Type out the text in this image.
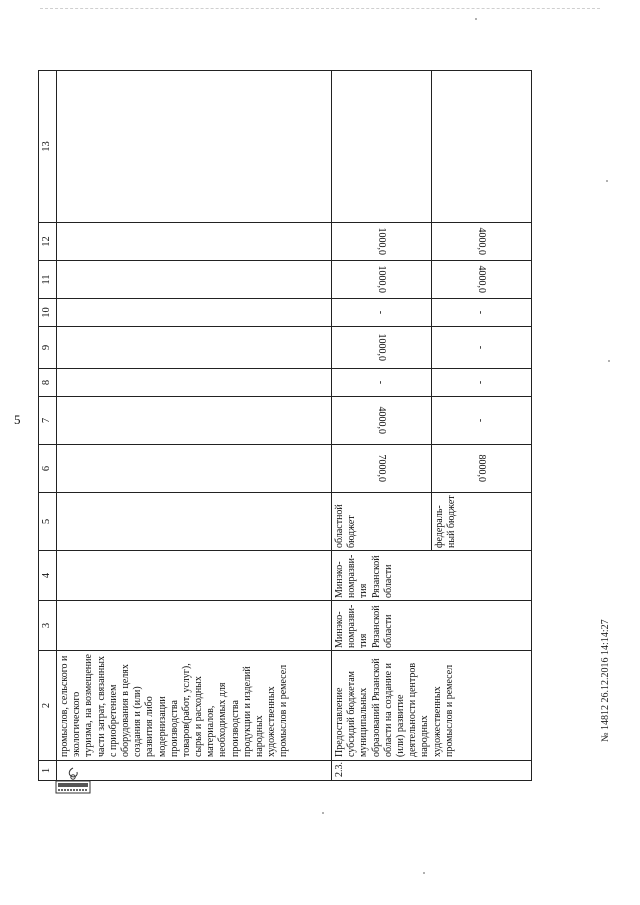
5
1	2	3	4	5	6	7	8	9	10	11	12	13
	промыслов, сельского и экологического туризма, на возмещение части затрат, связанных с приобретением оборудования в целях создания и (или) развития либо модернизации производства товаров(работ, услуг), сырья и расходных материалов, необходимых для производства продукции и изделий народных художественных промыслов и ремесел											
2.3.	Предоставление субсидий бюджетам муниципальных образований Рязанской области на создание и (или) развитие деятельности центров народных художественных промыслов и ремесел	Минэко-номразви-тия Рязанской области	Минэко-номразви-тия Рязанской области	областной бюджет	7000,0	4000,0	-	1000,0	-	1000,0	1000,0	
				федераль-ный бюджет	8000,0	-	-	-	-	4000,0	4000,0	
№ 14812 26.12.2016 14:14:27
